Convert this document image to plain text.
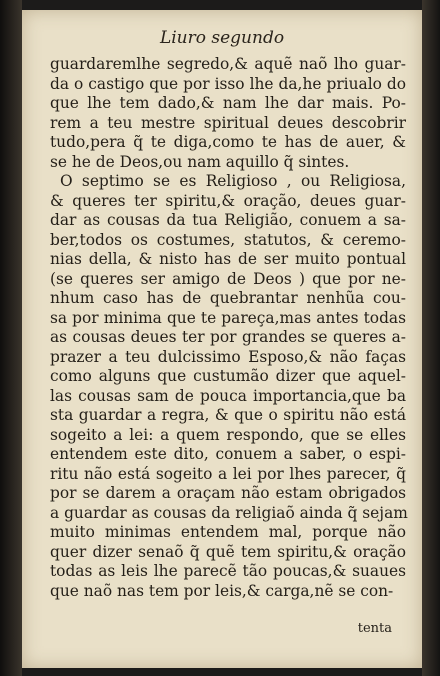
Liuro segundo
guardaremlhe segredo,& aquẽ naõ lho guar-
da o castigo que por isso lhe da,he priualo do
que lhe tem dado,& nam lhe dar mais. Po-
rem a teu mestre spiritual deues descobrir
tudo,pera q̃ te diga,como te has de auer, &
se he de Deos,ou nam aquillo q̃ sintes.
O septimo se es Religioso , ou Religiosa,
& queres ter spiritu,& oração, deues guar-
dar as cousas da tua Religião, conuem a sa-
ber,todos os costumes, statutos, & ceremo-
nias della, & nisto has de ser muito pontual
(se queres ser amigo de Deos ) que por ne-
nhum caso has de quebrantar nenhũa cou-
sa por minima que te pareça,mas antes todas
as cousas deues ter por grandes se queres a-
prazer a teu dulcissimo Esposo,& não faças
como alguns que custumão dizer que aquel-
las cousas sam de pouca importancia,que ba
sta guardar a regra, & que o spiritu não está
sogeito a lei: a quem respondo, que se elles
entendem este dito, conuem a saber, o espi-
ritu não está sogeito a lei por lhes parecer, q̃
por se darem a oraçam não estam obrigados
a guardar as cousas da religiaõ ainda q̃ sejam
muito minimas entendem mal, porque não
quer dizer senaõ q̃ quẽ tem spiritu,& oração
todas as leis lhe parecẽ tão poucas,& suaues
que naõ nas tem por leis,& carga,nẽ se con-
tenta
